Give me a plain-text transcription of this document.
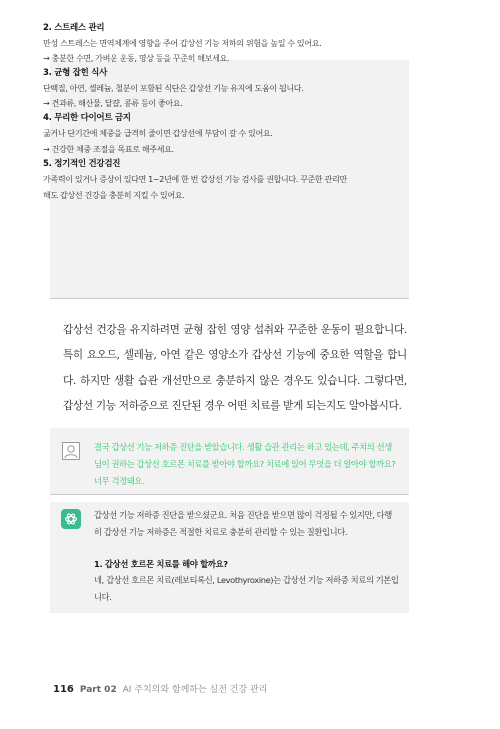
2. 스트레스 관리
만성 스트레스는 면역체계에 영향을 주어 갑상선 기능 저하의 위험을 높일 수 있어요.
→ 충분한 수면, 가벼운 운동, 명상 등을 꾸준히 해보세요.
3. 균형 잡힌 식사
단백질, 아연, 셀레늄, 철분이 포함된 식단은 갑상선 기능 유지에 도움이 됩니다.
→ 견과류, 해산물, 달걀, 콩류 등이 좋아요.
4. 무리한 다이어트 금지
굶거나 단기간에 체중을 급격히 줄이면 갑상선에 부담이 갈 수 있어요.
→ 건강한 체중 조절을 목표로 해주세요.
5. 정기적인 건강검진
가족력이 있거나 증상이 있다면 1~2년에 한 번 갑상선 기능 검사를 권합니다. 꾸준한 관리만 해도 갑상선 건강을 충분히 지킬 수 있어요.
갑상선 건강을 유지하려면 균형 잡힌 영양 섭취와 꾸준한 운동이 필요합니다. 특히 요오드, 셀레늄, 아연 같은 영양소가 갑상선 기능에 중요한 역할을 합니다. 하지만 생활 습관 개선만으로 충분하지 않은 경우도 있습니다. 그렇다면, 갑상선 기능 저하증으로 진단된 경우 어떤 치료를 받게 되는지도 알아봅시다.
결국 갑상선 기능 저하증 진단을 받았습니다. 생활 습관 관리는 하고 있는데, 주치의 선생님이 권하는 갑상선 호르몬 치료를 받아야 할까요? 치료에 있어 무엇을 더 알아야 할까요? 너무 걱정돼요.
갑상선 기능 저하증 진단을 받으셨군요. 처음 진단을 받으면 많이 걱정될 수 있지만, 다행히 갑상선 기능 저하증은 적절한 치료로 충분히 관리할 수 있는 질환입니다.
1. 갑상선 호르몬 치료를 해야 할까요?
네, 갑상선 호르몬 치료(레보티록신, Levothyroxine)는 갑상선 기능 저하증 치료의 기본입니다.
116 Part 02 AI 주치의와 함께하는 실전 건강 관리
